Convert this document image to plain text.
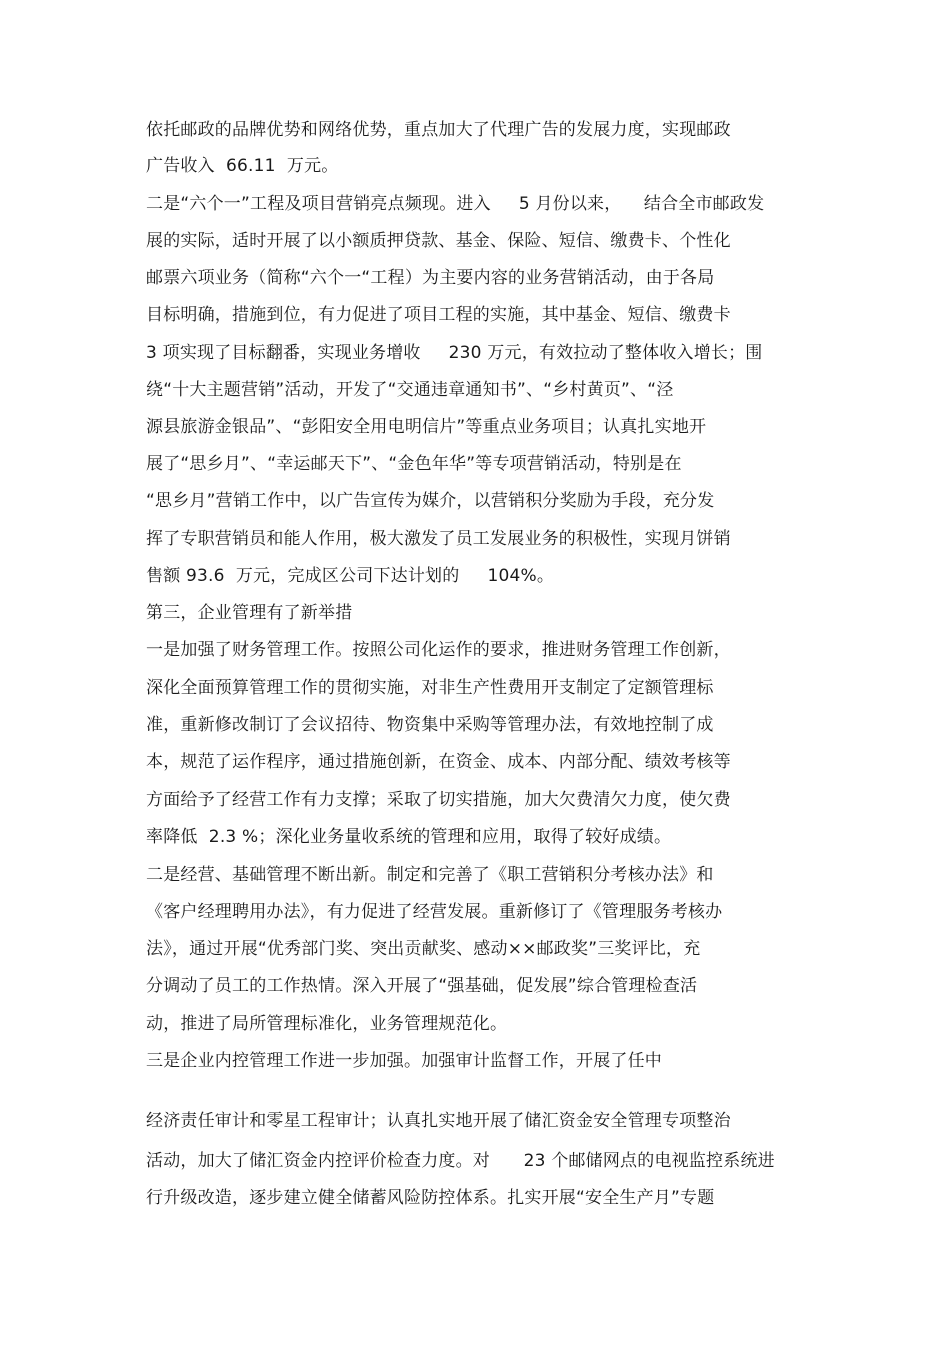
依托邮政的品牌优势和网络优势，重点加大了代理广告的发展力度，实现邮政

广告收入  66.11  万元。

二是“六个一”工程及项目营销亮点频现。进入     5 月份以来，    结合全市邮政发

展的实际，适时开展了以小额质押贷款、基金、保险、短信、缴费卡、个性化

邮票六项业务（简称“六个一“工程）为主要内容的业务营销活动，由于各局

目标明确，措施到位，有力促进了项目工程的实施，其中基金、短信、缴费卡

3 项实现了目标翻番，实现业务增收     230 万元，有效拉动了整体收入增长；围

绕“十大主题营销”活动，开发了“交通违章通知书”、“乡村黄页”、“泾

源县旅游金银品”、“彭阳安全用电明信片”等重点业务项目；认真扎实地开

展了“思乡月”、“幸运邮天下”、“金色年华”等专项营销活动，特别是在

“思乡月”营销工作中，以广告宣传为媒介，以营销积分奖励为手段，充分发

挥了专职营销员和能人作用，极大激发了员工发展业务的积极性，实现月饼销

售额 93.6  万元，完成区公司下达计划的     104%。

第三，企业管理有了新举措

一是加强了财务管理工作。按照公司化运作的要求，推进财务管理工作创新，

深化全面预算管理工作的贯彻实施，对非生产性费用开支制定了定额管理标

准，重新修改制订了会议招待、物资集中采购等管理办法，有效地控制了成

本，规范了运作程序，通过措施创新，在资金、成本、内部分配、绩效考核等

方面给予了经营工作有力支撑；采取了切实措施，加大欠费清欠力度，使欠费

率降低  2.3 %；深化业务量收系统的管理和应用，取得了较好成绩。

二是经营、基础管理不断出新。制定和完善了《职工营销积分考核办法》和

《客户经理聘用办法》，有力促进了经营发展。重新修订了《管理服务考核办

法》，通过开展“优秀部门奖、突出贡献奖、感动××邮政奖”三奖评比，充

分调动了员工的工作热情。深入开展了“强基础，促发展”综合管理检查活

动，推进了局所管理标准化，业务管理规范化。

三是企业内控管理工作进一步加强。加强审计监督工作，开展了任中

经济责任审计和零星工程审计；认真扎实地开展了储汇资金安全管理专项整治

活动，加大了储汇资金内控评价检查力度。对      23 个邮储网点的电视监控系统进

行升级改造，逐步建立健全储蓄风险防控体系。扎实开展“安全生产月”专题
